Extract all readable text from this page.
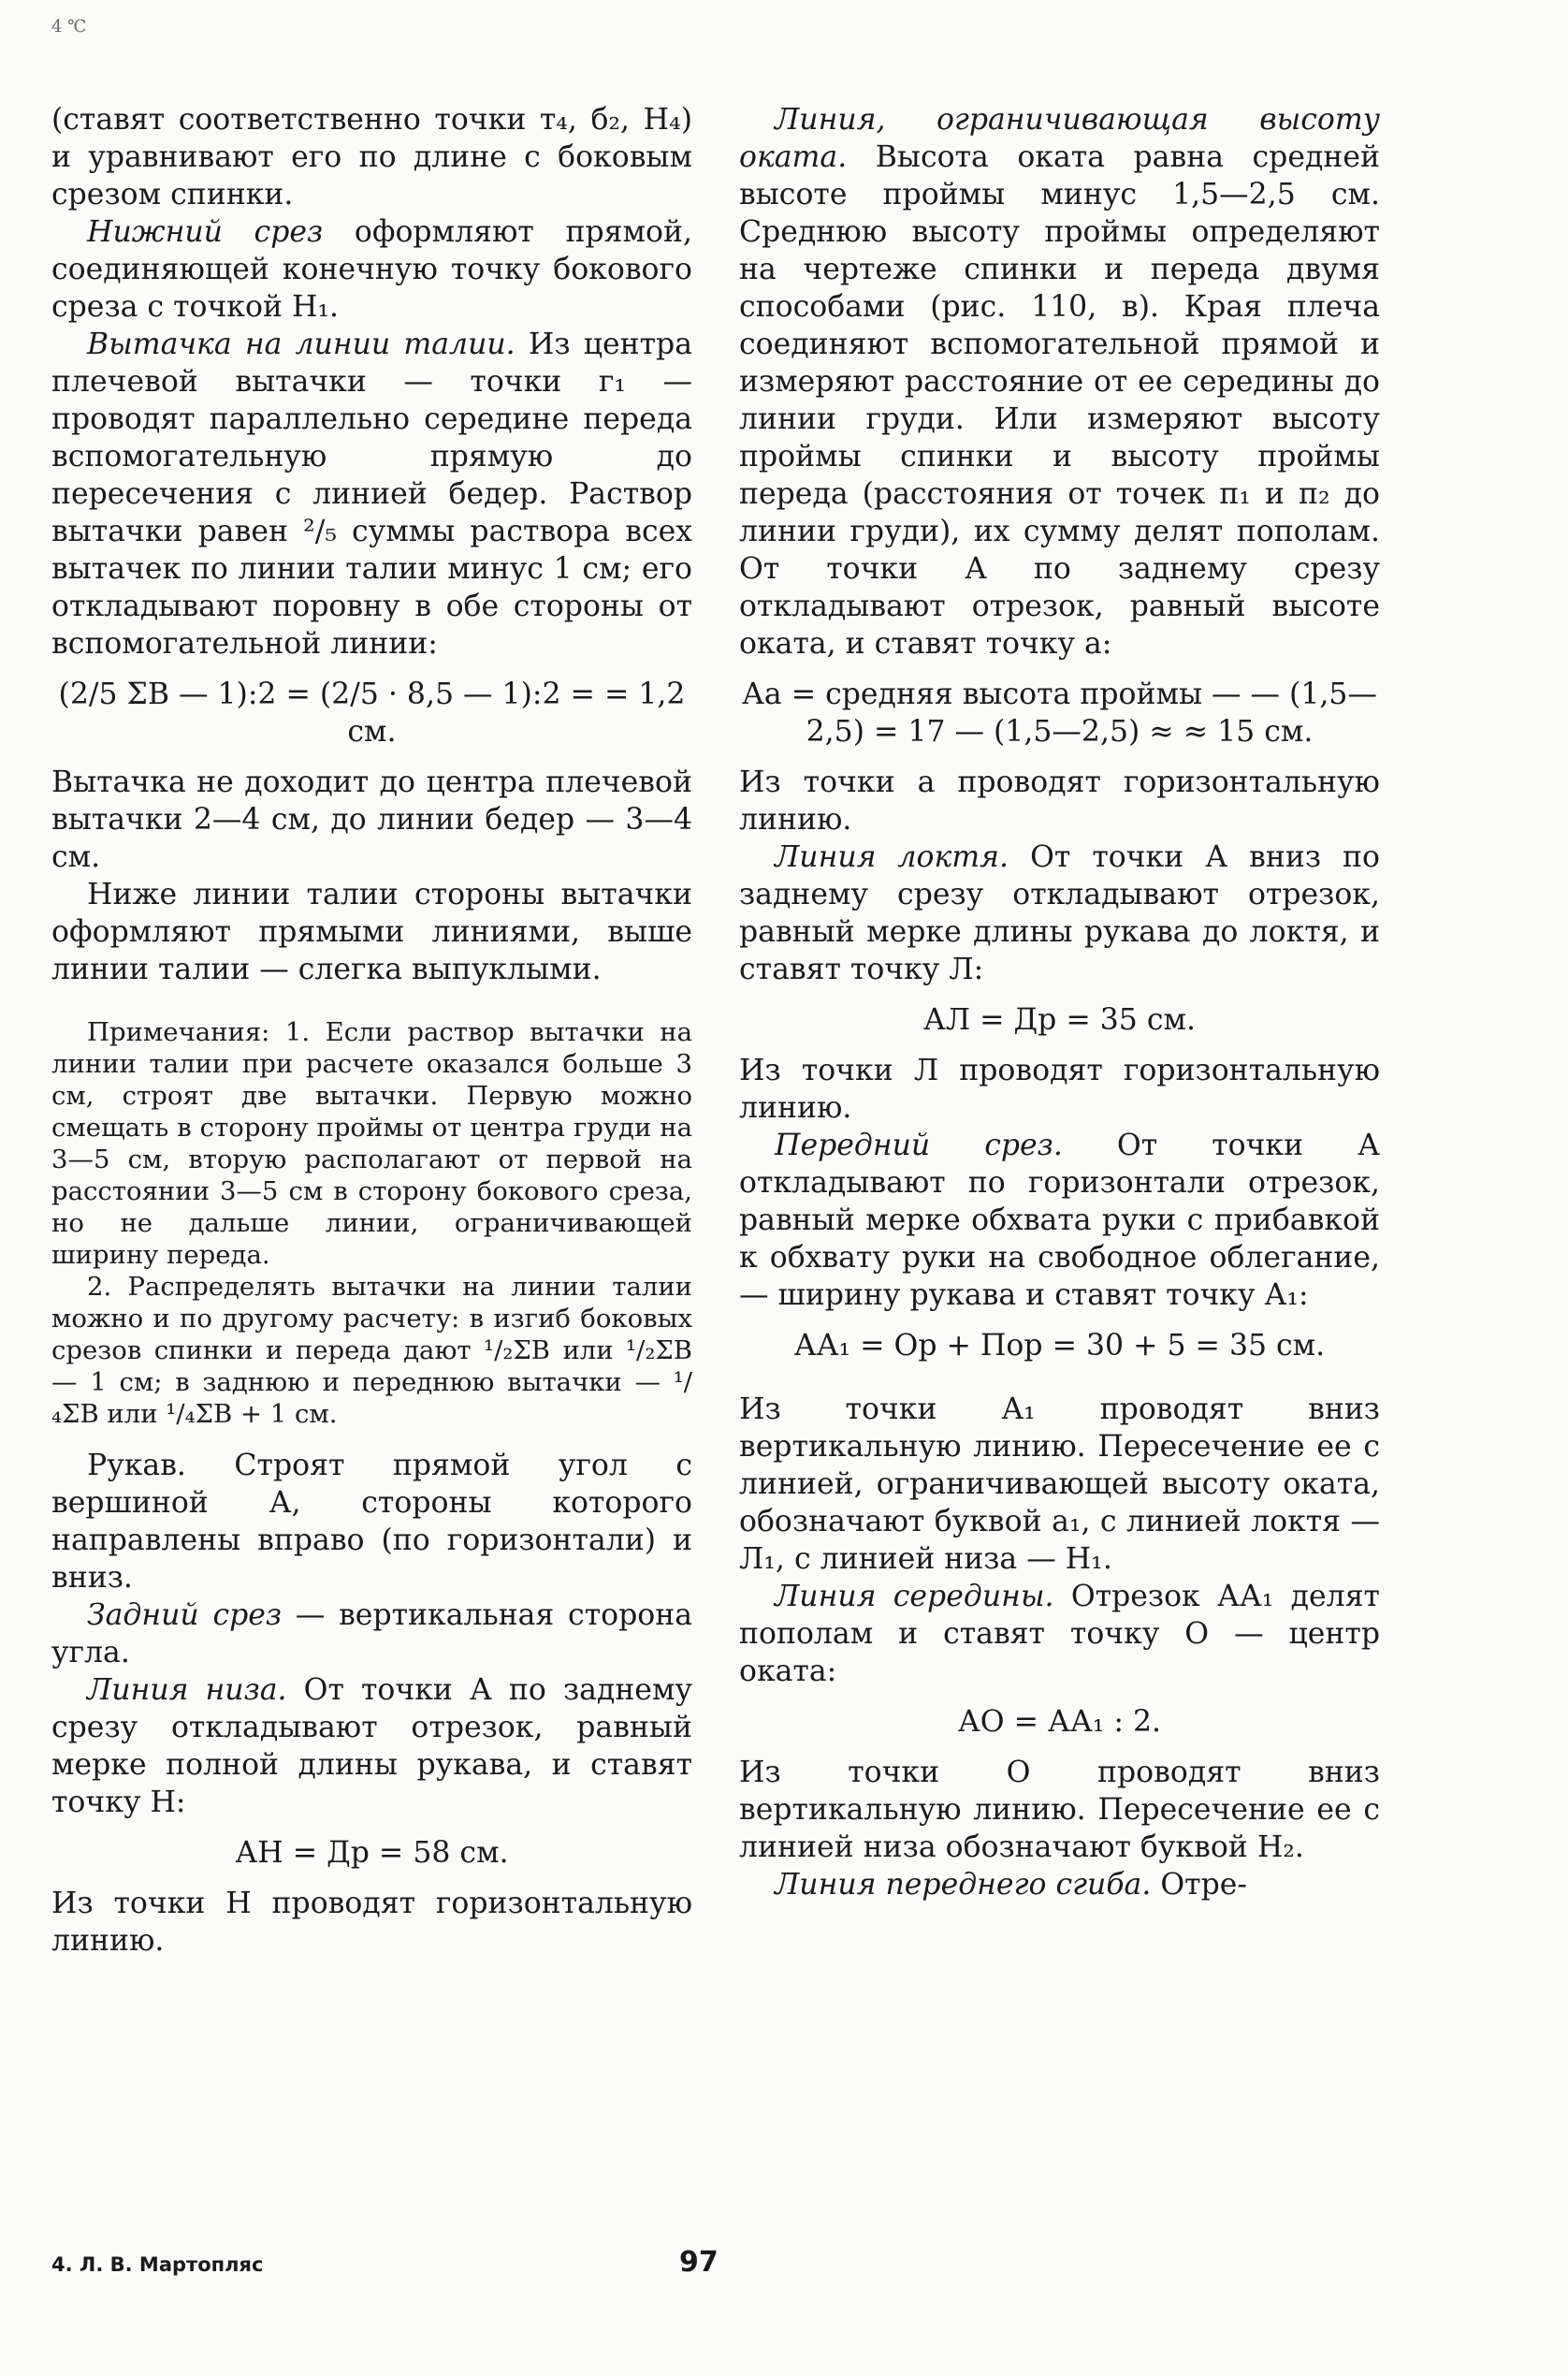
4 ℃

(ставят соответственно точки т₄, б₂, Н₄) и уравнивают его по длине с боковым срезом спинки.

Нижний срез оформляют прямой, соединяющей конечную точку бокового среза с точкой Н₁.

Вытачка на линии талии. Из центра плечевой вытачки — точки г₁ — проводят параллельно середине переда вспомогательную прямую до пересечения с линией бедер. Раствор вытачки равен ²/₅ суммы раствора всех вытачек по линии талии минус 1 см; его откладывают поровну в обе стороны от вспомогательной линии:

(2/5 ΣВ — 1):2 = (2/5 · 8,5 — 1):2 = = 1,2 см.

Вытачка не доходит до центра плечевой вытачки 2—4 см, до линии бедер — 3—4 см.

Ниже линии талии стороны вытачки оформляют прямыми линиями, выше линии талии — слегка выпуклыми.

Примечания: 1. Если раствор вытачки на линии талии при расчете оказался больше 3 см, строят две вытачки. Первую можно смещать в сторону проймы от центра груди на 3—5 см, вторую располагают от первой на расстоянии 3—5 см в сторону бокового среза, но не дальше линии, ограничивающей ширину переда.

2. Распределять вытачки на линии талии можно и по другому расчету: в изгиб боковых срезов спинки и переда дают ¹/₂ΣВ или ¹/₂ΣВ — 1 см; в заднюю и переднюю вытачки — ¹/₄ΣВ или ¹/₄ΣВ + 1 см.

Рукав. Строят прямой угол с вершиной А, стороны которого направлены вправо (по горизонтали) и вниз.

Задний срез — вертикальная сторона угла.

Линия низа. От точки А по заднему срезу откладывают отрезок, равный мерке полной длины рукава, и ставят точку Н:

АН = Др = 58 см.

Из точки Н проводят горизонтальную линию.

Линия, ограничивающая высоту оката. Высота оката равна средней высоте проймы минус 1,5—2,5 см. Среднюю высоту проймы определяют на чертеже спинки и переда двумя способами (рис. 110, в). Края плеча соединяют вспомогательной прямой и измеряют расстояние от ее середины до линии груди. Или измеряют высоту проймы спинки и высоту проймы переда (расстояния от точек п₁ и п₂ до линии груди), их сумму делят пополам. От точки А по заднему срезу откладывают отрезок, равный высоте оката, и ставят точку а:

Аа = средняя высота проймы — — (1,5—2,5) = 17 — (1,5—2,5) ≈ ≈ 15 см.

Из точки а проводят горизонтальную линию.

Линия локтя. От точки А вниз по заднему срезу откладывают отрезок, равный мерке длины рукава до локтя, и ставят точку Л:

АЛ = Др = 35 см.

Из точки Л проводят горизонтальную линию.

Передний срез. От точки А откладывают по горизонтали отрезок, равный мерке обхвата руки с прибавкой к обхвату руки на свободное облегание, — ширину рукава и ставят точку А₁:

АА₁ = Ор + Пор = 30 + 5 = 35 см.

Из точки А₁ проводят вниз вертикальную линию. Пересечение ее с линией, ограничивающей высоту оката, обозначают буквой а₁, с линией локтя — Л₁, с линией низа — Н₁.

Линия середины. Отрезок АА₁ делят пополам и ставят точку О — центр оката:

АО = АА₁ : 2.

Из точки О проводят вниз вертикальную линию. Пересечение ее с линией низа обозначают буквой Н₂.

Линия переднего сгиба. Отре-

4. Л. В. Мартопляс	97
